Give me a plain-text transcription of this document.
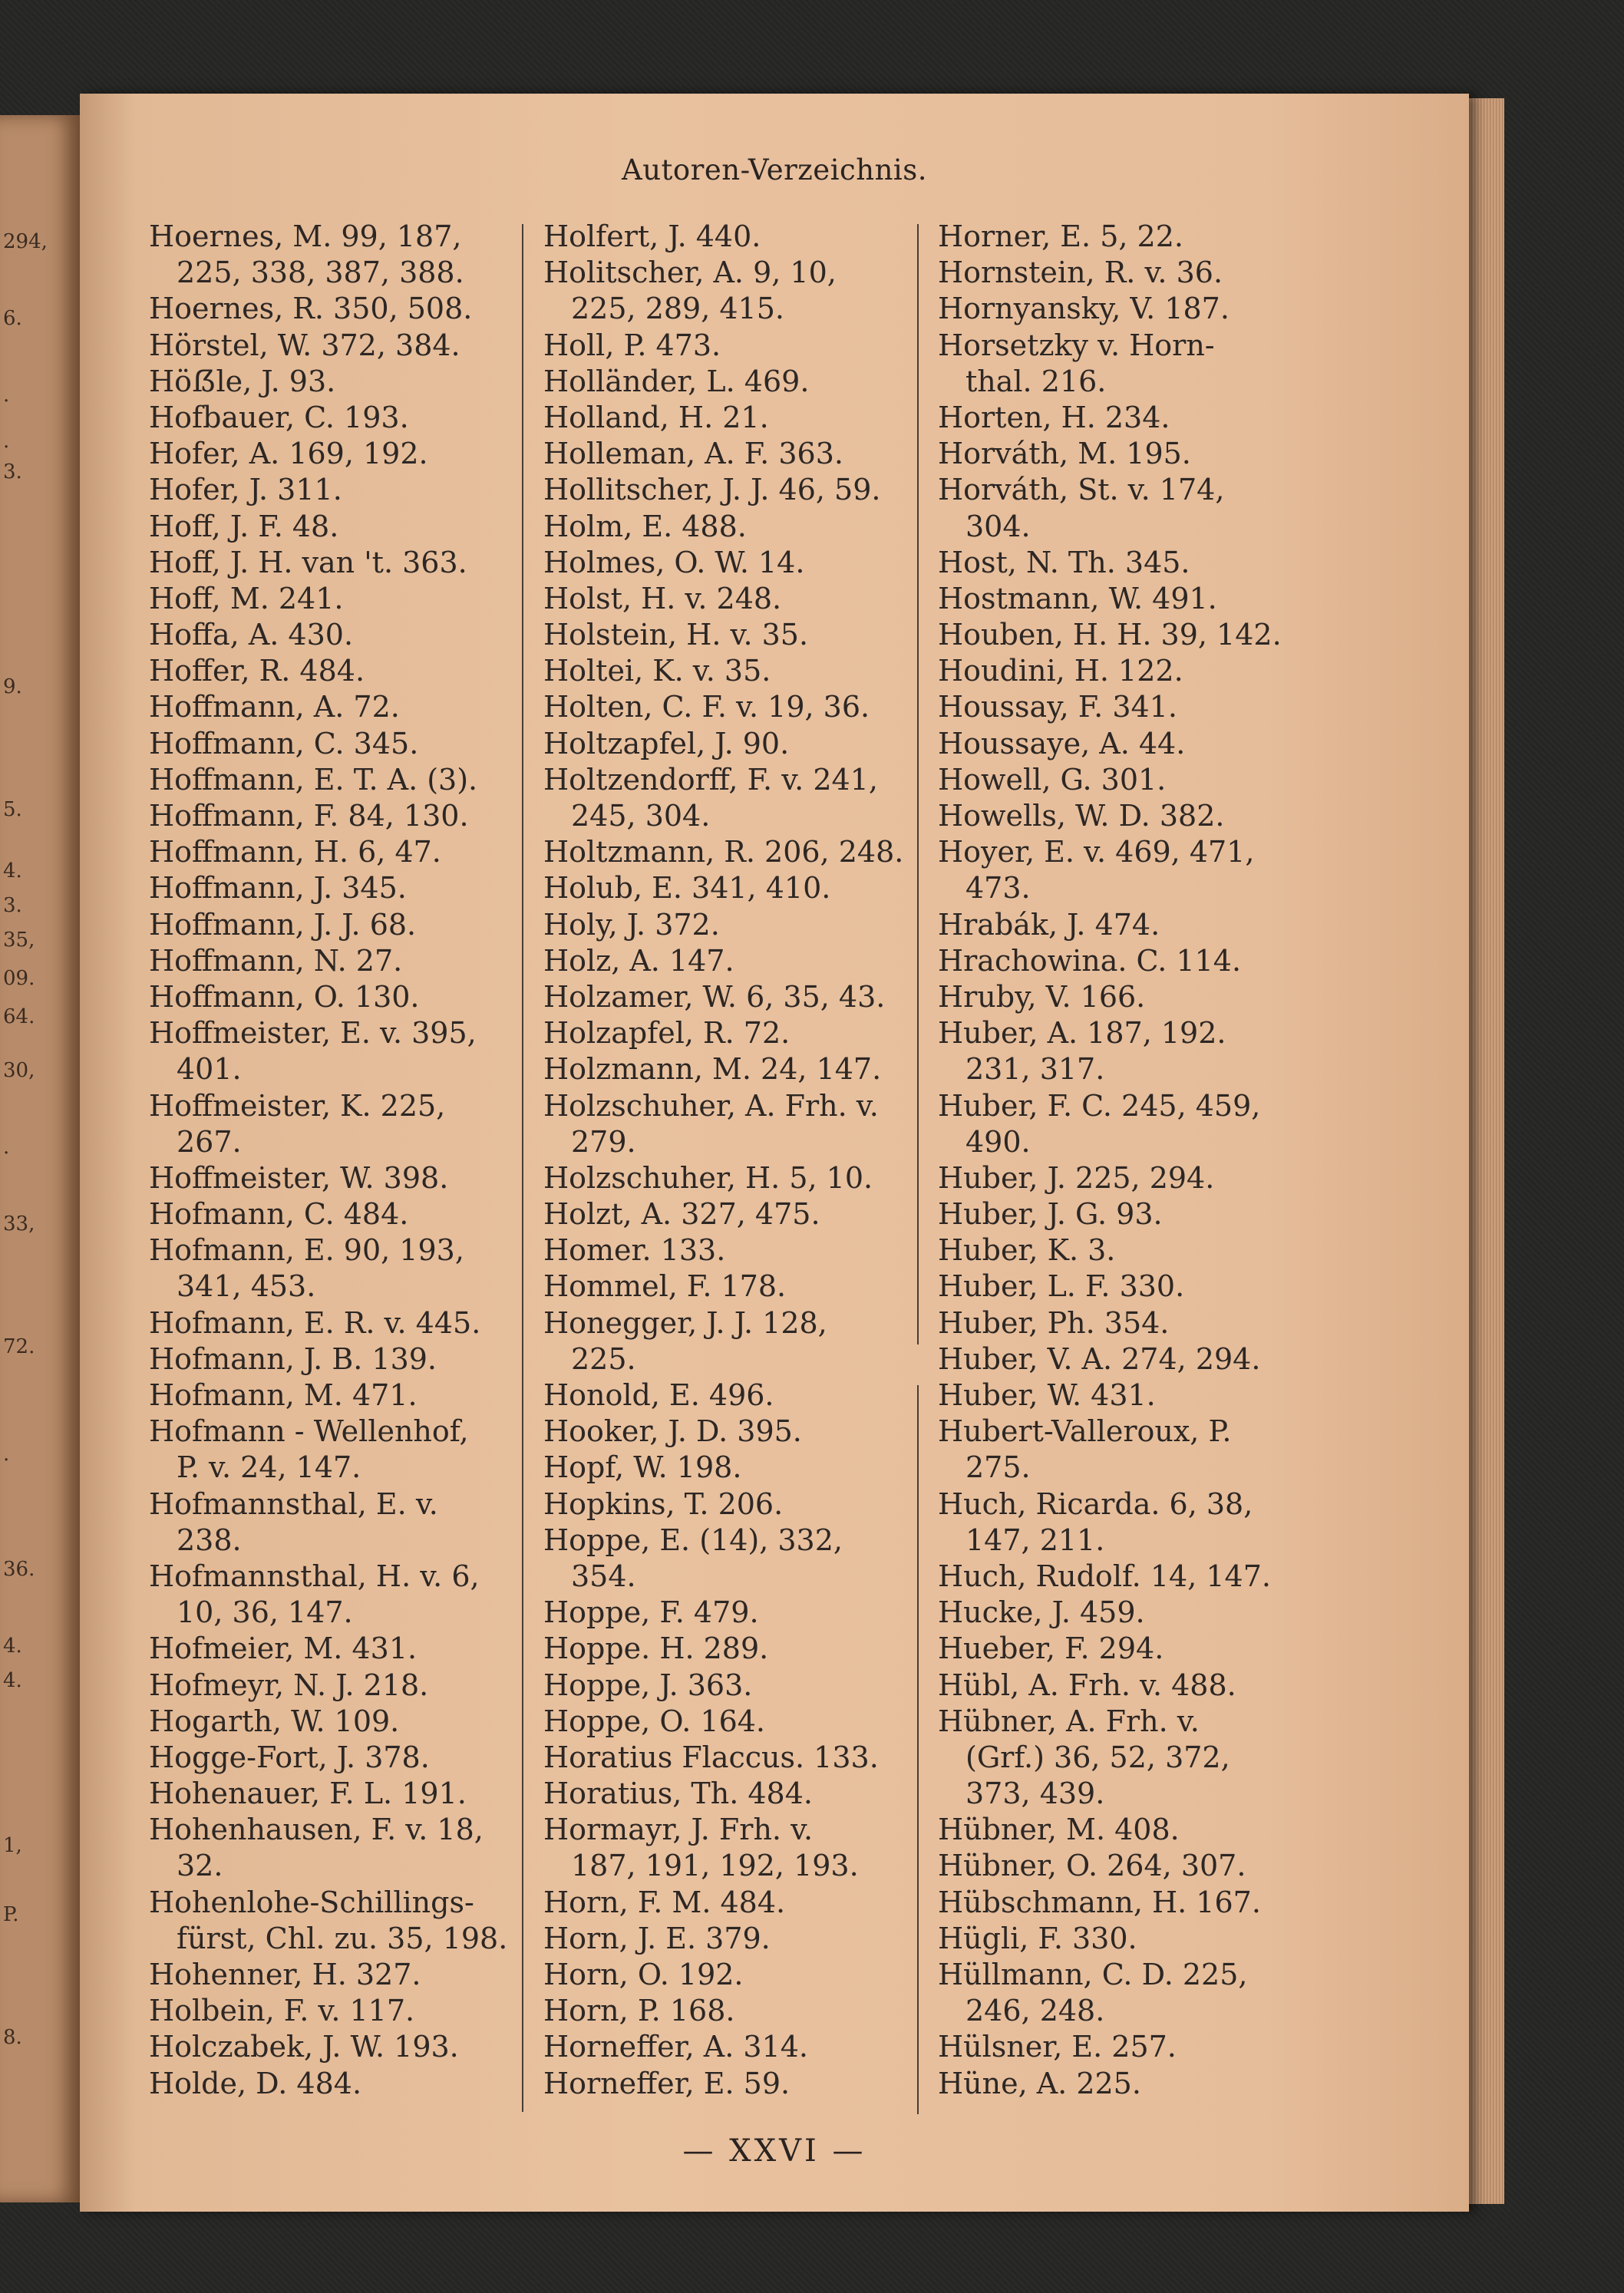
294,
6.
.
.
3.
9.
5.
4.
3.
35,
09.
64.
30,
.
33,
72.
.
36.
4.
4.
1,
P.
8.
Autoren-Verzeichnis.
Hoernes, M. 99, 187,
225, 338, 387, 388.
Hoernes, R. 350, 508.
Hörstel, W. 372, 384.
Höẞle, J. 93.
Hofbauer, C. 193.
Hofer, A. 169, 192.
Hofer, J. 311.
Hoff, J. F. 48.
Hoff, J. H. van 't. 363.
Hoff, M. 241.
Hoffa, A. 430.
Hoffer, R. 484.
Hoffmann, A. 72.
Hoffmann, C. 345.
Hoffmann, E. T. A. (3).
Hoffmann, F. 84, 130.
Hoffmann, H. 6, 47.
Hoffmann, J. 345.
Hoffmann, J. J. 68.
Hoffmann, N. 27.
Hoffmann, O. 130.
Hoffmeister, E. v. 395,
401.
Hoffmeister, K. 225,
267.
Hoffmeister, W. 398.
Hofmann, C. 484.
Hofmann, E. 90, 193,
341, 453.
Hofmann, E. R. v. 445.
Hofmann, J. B. 139.
Hofmann, M. 471.
Hofmann - Wellenhof,
P. v. 24, 147.
Hofmannsthal, E. v.
238.
Hofmannsthal, H. v. 6,
10, 36, 147.
Hofmeier, M. 431.
Hofmeyr, N. J. 218.
Hogarth, W. 109.
Hogge-Fort, J. 378.
Hohenauer, F. L. 191.
Hohenhausen, F. v. 18,
32.
Hohenlohe-Schillings-
fürst, Chl. zu. 35, 198.
Hohenner, H. 327.
Holbein, F. v. 117.
Holczabek, J. W. 193.
Holde, D. 484.
Holfert, J. 440.
Holitscher, A. 9, 10,
225, 289, 415.
Holl, P. 473.
Holländer, L. 469.
Holland, H. 21.
Holleman, A. F. 363.
Hollitscher, J. J. 46, 59.
Holm, E. 488.
Holmes, O. W. 14.
Holst, H. v. 248.
Holstein, H. v. 35.
Holtei, K. v. 35.
Holten, C. F. v. 19, 36.
Holtzapfel, J. 90.
Holtzendorff, F. v. 241,
245, 304.
Holtzmann, R. 206, 248.
Holub, E. 341, 410.
Holy, J. 372.
Holz, A. 147.
Holzamer, W. 6, 35, 43.
Holzapfel, R. 72.
Holzmann, M. 24, 147.
Holzschuher, A. Frh. v.
279.
Holzschuher, H. 5, 10.
Holzt, A. 327, 475.
Homer. 133.
Hommel, F. 178.
Honegger, J. J. 128,
225.
Honold, E. 496.
Hooker, J. D. 395.
Hopf, W. 198.
Hopkins, T. 206.
Hoppe, E. (14), 332,
354.
Hoppe, F. 479.
Hoppe. H. 289.
Hoppe, J. 363.
Hoppe, O. 164.
Horatius Flaccus. 133.
Horatius, Th. 484.
Hormayr, J. Frh. v.
187, 191, 192, 193.
Horn, F. M. 484.
Horn, J. E. 379.
Horn, O. 192.
Horn, P. 168.
Horneffer, A. 314.
Horneffer, E. 59.
Horner, E. 5, 22.
Hornstein, R. v. 36.
Hornyansky, V. 187.
Horsetzky v. Horn-
thal. 216.
Horten, H. 234.
Horváth, M. 195.
Horváth, St. v. 174,
304.
Host, N. Th. 345.
Hostmann, W. 491.
Houben, H. H. 39, 142.
Houdini, H. 122.
Houssay, F. 341.
Houssaye, A. 44.
Howell, G. 301.
Howells, W. D. 382.
Hoyer, E. v. 469, 471,
473.
Hrabák, J. 474.
Hrachowina. C. 114.
Hruby, V. 166.
Huber, A. 187, 192.
231, 317.
Huber, F. C. 245, 459,
490.
Huber, J. 225, 294.
Huber, J. G. 93.
Huber, K. 3.
Huber, L. F. 330.
Huber, Ph. 354.
Huber, V. A. 274, 294.
Huber, W. 431.
Hubert-Valleroux, P.
275.
Huch, Ricarda. 6, 38,
147, 211.
Huch, Rudolf. 14, 147.
Hucke, J. 459.
Hueber, F. 294.
Hübl, A. Frh. v. 488.
Hübner, A. Frh. v.
(Grf.) 36, 52, 372,
373, 439.
Hübner, M. 408.
Hübner, O. 264, 307.
Hübschmann, H. 167.
Hügli, F. 330.
Hüllmann, C. D. 225,
246, 248.
Hülsner, E. 257.
Hüne, A. 225.
— XXVI —
